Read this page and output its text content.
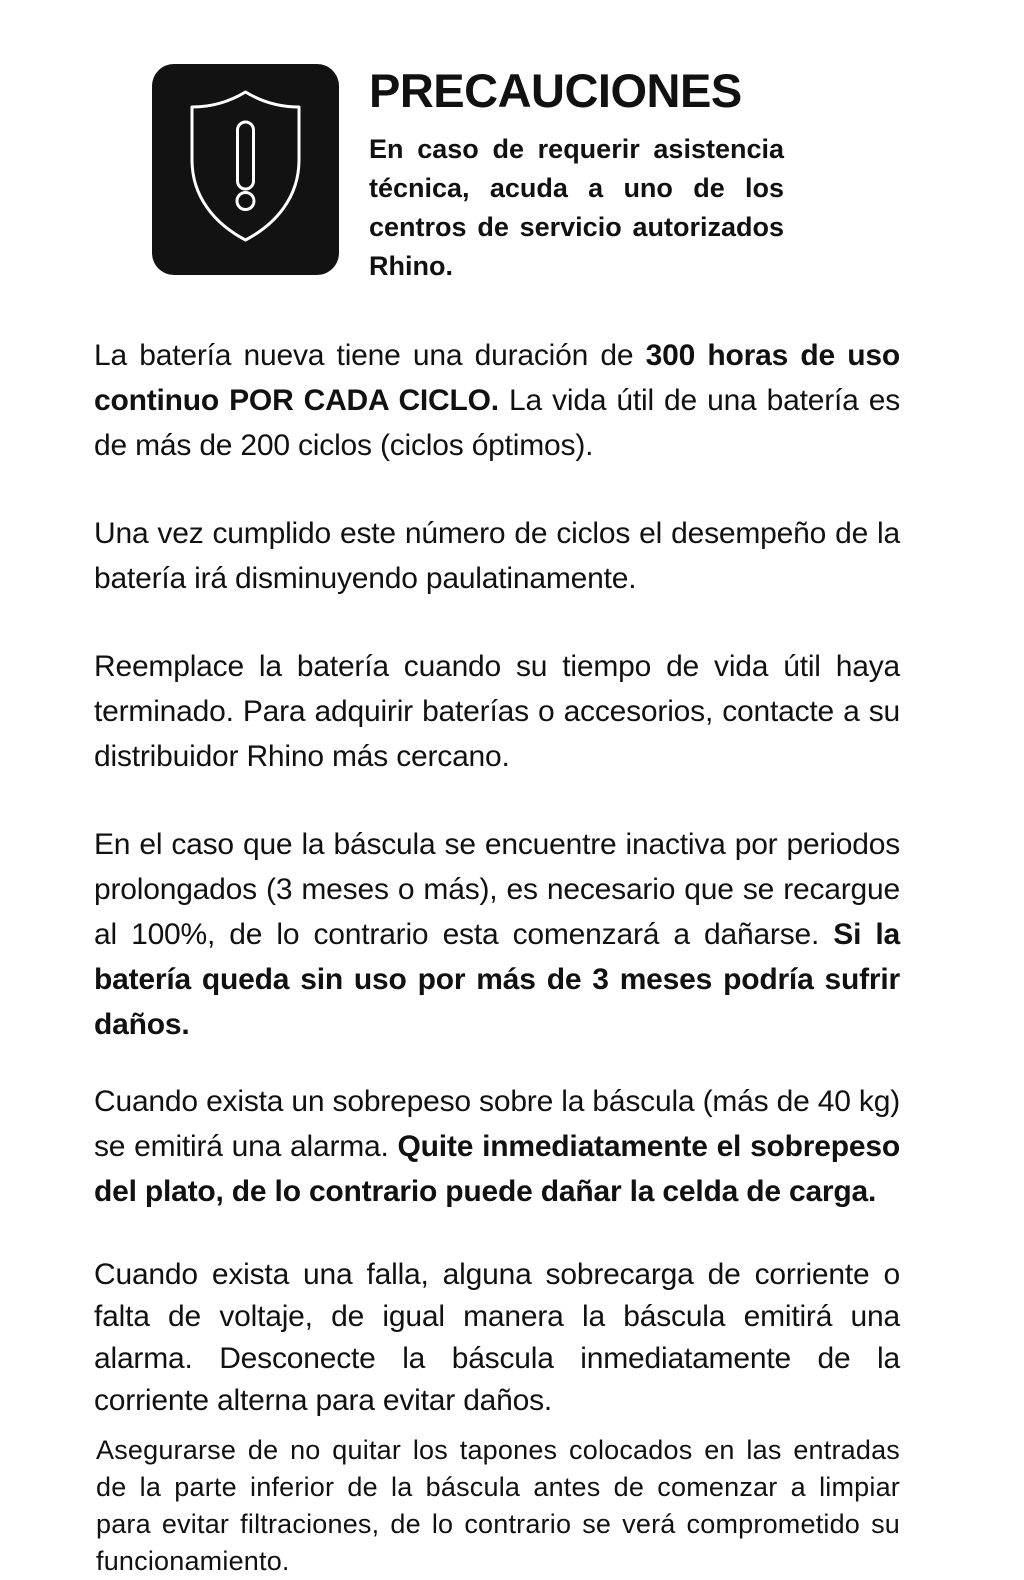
PRECAUCIONES

En caso de requerir asistencia técnica, acuda a uno de los centros de servicio autorizados Rhino.

La batería nueva tiene una duración de 300 horas de uso continuo POR CADA CICLO. La vida útil de una batería es de más de 200 ciclos (ciclos óptimos).

Una vez cumplido este número de ciclos el desempeño de la batería irá disminuyendo paulatinamente.

Reemplace la batería cuando su tiempo de vida útil haya terminado. Para adquirir baterías o accesorios, contacte a su distribuidor Rhino más cercano.

En el caso que la báscula se encuentre inactiva por periodos prolongados (3 meses o más), es necesario que se recargue al 100%, de lo contrario esta comenzará a dañarse. Si la batería queda sin uso por más de 3 meses podría sufrir daños.

Cuando exista un sobrepeso sobre la báscula (más de 40 kg) se emitirá una alarma. Quite inmediatamente el sobrepeso del plato, de lo contrario puede dañar la celda de carga.

Cuando exista una falla, alguna sobrecarga de corriente o falta de voltaje, de igual manera la báscula emitirá una alarma. Desconecte la báscula inmediatamente de la corriente alterna para evitar daños.

Asegurarse de no quitar los tapones colocados en las entradas de la parte inferior de la báscula antes de comenzar a limpiar para evitar filtraciones, de lo contrario se verá comprometido su funcionamiento.
